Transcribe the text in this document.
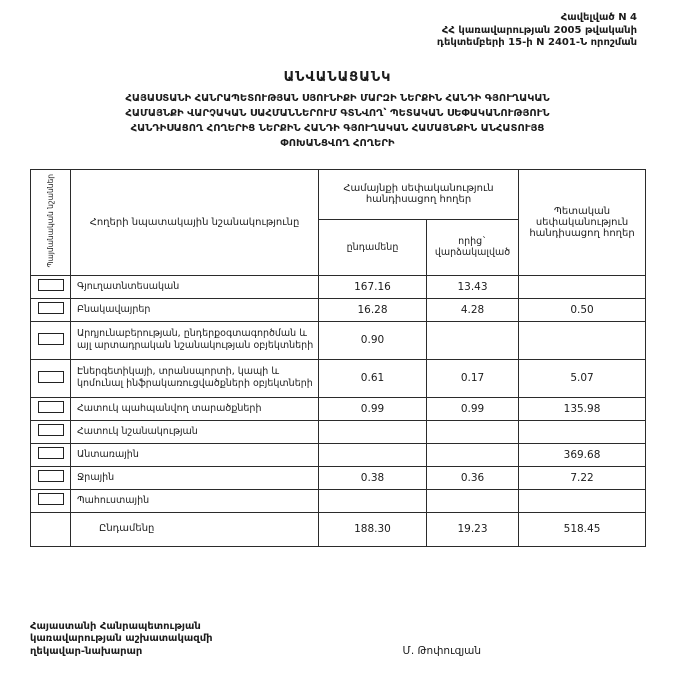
Հավելված N 4
ՀՀ կառավարության 2005 թվականի
դեկտեմբերի 15-ի N 2401-Ն որոշման
ԱՆՎԱՆԱՑԱՆԿ
ՀԱՅԱՍՏԱՆԻ ՀԱՆՐԱՊԵՏՈՒԹՅԱՆ ՍՅՈՒՆԻՔԻ ՄԱՐԶԻ ՆԵՐՔԻՆ ՀԱՆԴԻ ԳՅՈՒՂԱԿԱՆ
ՀԱՄԱՅՆՔԻ ՎԱՐՉԱԿԱՆ ՍԱՀՄԱՆՆԵՐՈՒՄ ԳՏՆՎՈՂ՝ ՊԵՏԱԿԱՆ ՍԵՓԱԿԱՆՈՒԹՅՈՒՆ
ՀԱՆԴԻՍԱՑՈՂ ՀՈՂԵՐԻՑ ՆԵՐՔԻՆ ՀԱՆԴԻ ԳՅՈՒՂԱԿԱՆ ՀԱՄԱՅՆՔԻՆ ԱՆՀԱՏՈՒՅՑ
ՓՈԽԱՆՑՎՈՂ ՀՈՂԵՐԻ
Պայմանական նշաններ	Հողերի նպատակային նշանակությունը	Համայնքի սեփականություն հանդիսացող հողեր		Պետական սեփականություն հանդիսացող հողեր
		ընդամենը	որից` վարձակալված	
	Գյուղատնտեսական	167.16	13.43	
	Բնակավայրեր	16.28	4.28	0.50
	Արդյունաբերության, ընդերքօգտագործման և այլ արտադրական նշանակության օբյեկտների	0.90		
	Էներգետիկայի, տրանսպորտի, կապի և կոմունալ ինֆրակառուցվածքների օբյեկտների	0.61	0.17	5.07
	Հատուկ պահպանվող տարածքների	0.99	0.99	135.98
	Հատուկ նշանակության			
	Անտառային			369.68
	Ջրային	0.38	0.36	7.22
	Պահուստային			
	Ընդամենը	188.30	19.23	518.45
Հայաստանի Հանրապետության
կառավարության աշխատակազմի
ղեկավար-նախարար	Մ. Թոփուզյան
